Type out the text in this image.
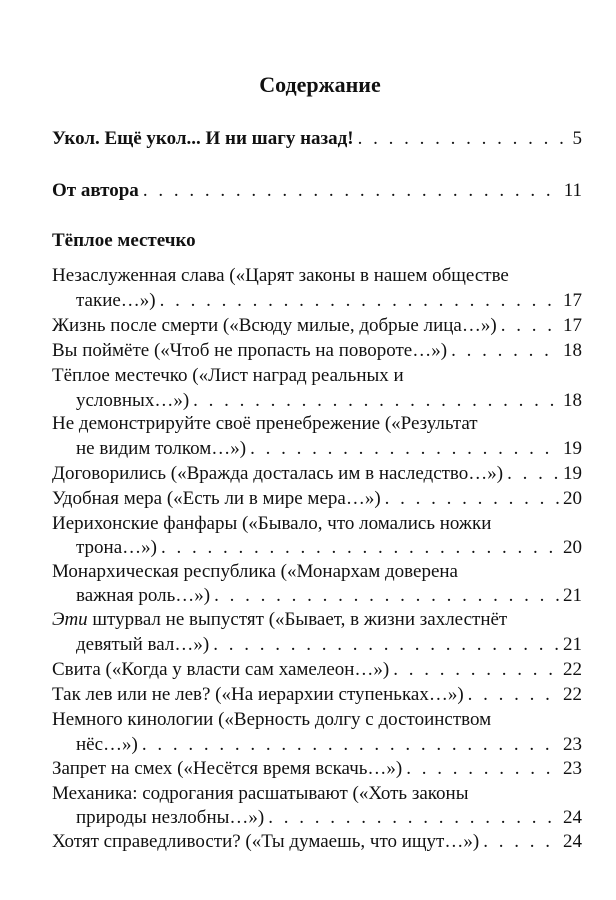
Содержание
Укол. Ещё укол... И ни шагу назад! . . .	5
От автора . . .	11
Тёплое местечко
Незаслуженная слава («Царят законы в нашем обществе
такие…») . . .	17
Жизнь после смерти («Всюду милые, добрые лица…») . . .	17
Вы поймёте («Чтоб не пропасть на повороте…») . . .	18
Тёплое местечко («Лист наград реальных и
условных…») . . .	18
Не демонстрируйте своё пренебрежение («Результат
не видим толком…») . . .	19
Договорились («Вражда досталась им в наследство…») . . .	19
Удобная мера («Есть ли в мире мера…») . . .	20
Иерихонские фанфары («Бывало, что ломались ножки
трона…») . . .	20
Монархическая республика («Монархам доверена
важная роль…») . . .	21
Эти штурвал не выпустят («Бывает, в жизни захлестнёт
девятый вал…») . . .	21
Свита («Когда у власти сам хамелеон…») . . .	22
Так лев или не лев? («На иерархии ступеньках…») . . .	22
Немного кинологии («Верность долгу с достоинством
нёс…») . . .	23
Запрет на смех («Несётся время вскачь…») . . .	23
Механика: содрогания расшатывают («Хоть законы
природы незлобны…») . . .	24
Хотят справедливости? («Ты думаешь, что ищут…») . . .	24
